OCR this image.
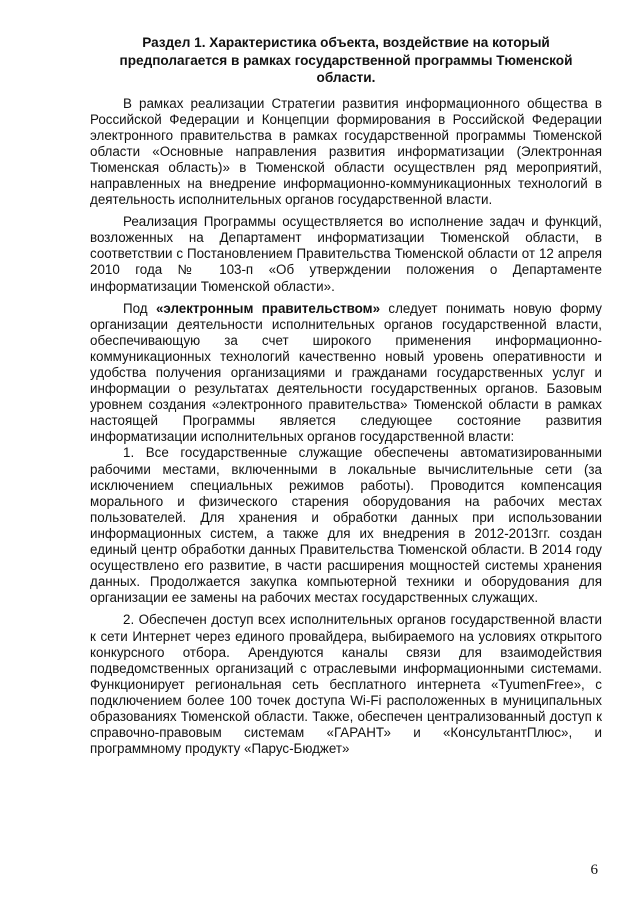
Раздел 1. Характеристика объекта, воздействие на который предполагается в рамках государственной программы Тюменской области.

В рамках реализации Стратегии развития информационного общества в Российской Федерации и Концепции формирования в Российской Федерации электронного правительства в рамках государственной программы Тюменской области «Основные направления развития информатизации (Электронная Тюменская область)» в Тюменской области осуществлен ряд мероприятий, направленных на внедрение информационно-коммуникационных технологий в деятельность исполнительных органов государственной власти.

Реализация Программы осуществляется во исполнение задач и функций, возложенных на Департамент информатизации Тюменской области, в соответствии с Постановлением Правительства Тюменской области от 12 апреля 2010 года № 103-п «Об утверждении положения о Департаменте информатизации Тюменской области».

Под «электронным правительством» следует понимать новую форму организации деятельности исполнительных органов государственной власти, обеспечивающую за счет широкого применения информационно-коммуникационных технологий качественно новый уровень оперативности и удобства получения организациями и гражданами государственных услуг и информации о результатах деятельности государственных органов. Базовым уровнем создания «электронного правительства» Тюменской области в рамках настоящей Программы является следующее состояние развития информатизации исполнительных органов государственной власти:

1. Все государственные служащие обеспечены автоматизированными рабочими местами, включенными в локальные вычислительные сети (за исключением специальных режимов работы). Проводится компенсация морального и физического старения оборудования на рабочих местах пользователей. Для хранения и обработки данных при использовании информационных систем, а также для их внедрения в 2012-2013гг. создан единый центр обработки данных Правительства Тюменской области. В 2014 году осуществлено его развитие, в части расширения мощностей системы хранения данных. Продолжается закупка компьютерной техники и оборудования для организации ее замены на рабочих местах государственных служащих.

2. Обеспечен доступ всех исполнительных органов государственной власти к сети Интернет через единого провайдера, выбираемого на условиях открытого конкурсного отбора. Арендуются каналы связи для взаимодействия подведомственных организаций с отраслевыми информационными системами. Функционирует региональная сеть бесплатного интернета «TyumenFree», с подключением более 100 точек доступа Wi-Fi расположенных в муниципальных образованиях Тюменской области. Также, обеспечен централизованный доступ к справочно-правовым системам «ГАРАНТ» и «КонсультантПлюс», и программному продукту «Парус-Бюджет»

6
